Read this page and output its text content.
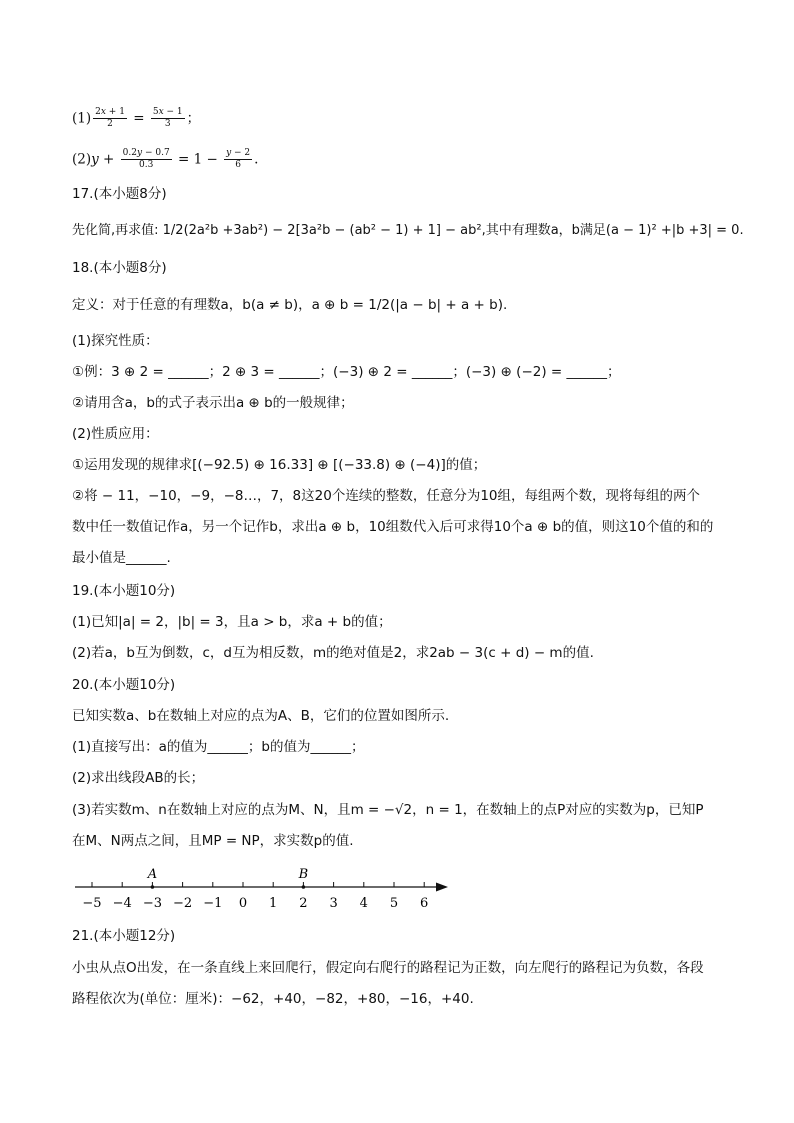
$(1) \frac{2x + 1}{2} = \frac{5x - 1}{3}$ ；
$(2)y + \frac{0.2y - 0.7}{0.3} = 1 - \frac{y - 2}{6}$ .
17.(本小题8分)
先化简,再求值: 1/2(2a²b +3ab²) − 2[3a²b − (ab² − 1) + 1] − ab²,其中有理数a，b满足(a − 1)² +|b +3| = 0.
18.(本小题8分)
定义：对于任意的有理数a，b(a ≠ b)，a ⊕ b = 1/2(|a − b| + a + b).
(1)探究性质：
①例：3 ⊕ 2 = ______；2 ⊕ 3 = ______；(−3) ⊕ 2 = ______；(−3) ⊕ (−2) = ______；
②请用含a，b的式子表示出a ⊕ b的一般规律；
(2)性质应用：
①运用发现的规律求[(−92.5) ⊕ 16.33] ⊕ [(−33.8) ⊕ (−4)]的值；
②将 − 11，−10，−9，−8…，7，8这20个连续的整数，任意分为10组，每组两个数，现将每组的两个
数中任一数值记作a，另一个记作b，求出a ⊕ b，10组数代入后可求得10个a ⊕ b的值，则这10个值的和的
最小值是______.
19.(本小题10分)
(1)已知|a| = 2，|b| = 3，且a > b，求a + b的值；
(2)若a，b互为倒数，c，d互为相反数，m的绝对值是2，求2ab − 3(c + d) − m的值.
20.(本小题10分)
已知实数a、b在数轴上对应的点为A、B，它们的位置如图所示.
(1)直接写出：a的值为______；b的值为______；
(2)求出线段AB的长；
(3)若实数m、n在数轴上对应的点为M、N，且m = −√2，n = 1，在数轴上的点P对应的实数为p，已知P
在M、N两点之间，且MP = NP，求实数p的值.
−5 −4 −3 −2 −1 0 1 2 3 4 5 6
A	B
21.(本小题12分)
小虫从点O出发，在一条直线上来回爬行，假定向右爬行的路程记为正数，向左爬行的路程记为负数，各段
路程依次为(单位：厘米)：−62，+40，−82，+80，−16，+40.
